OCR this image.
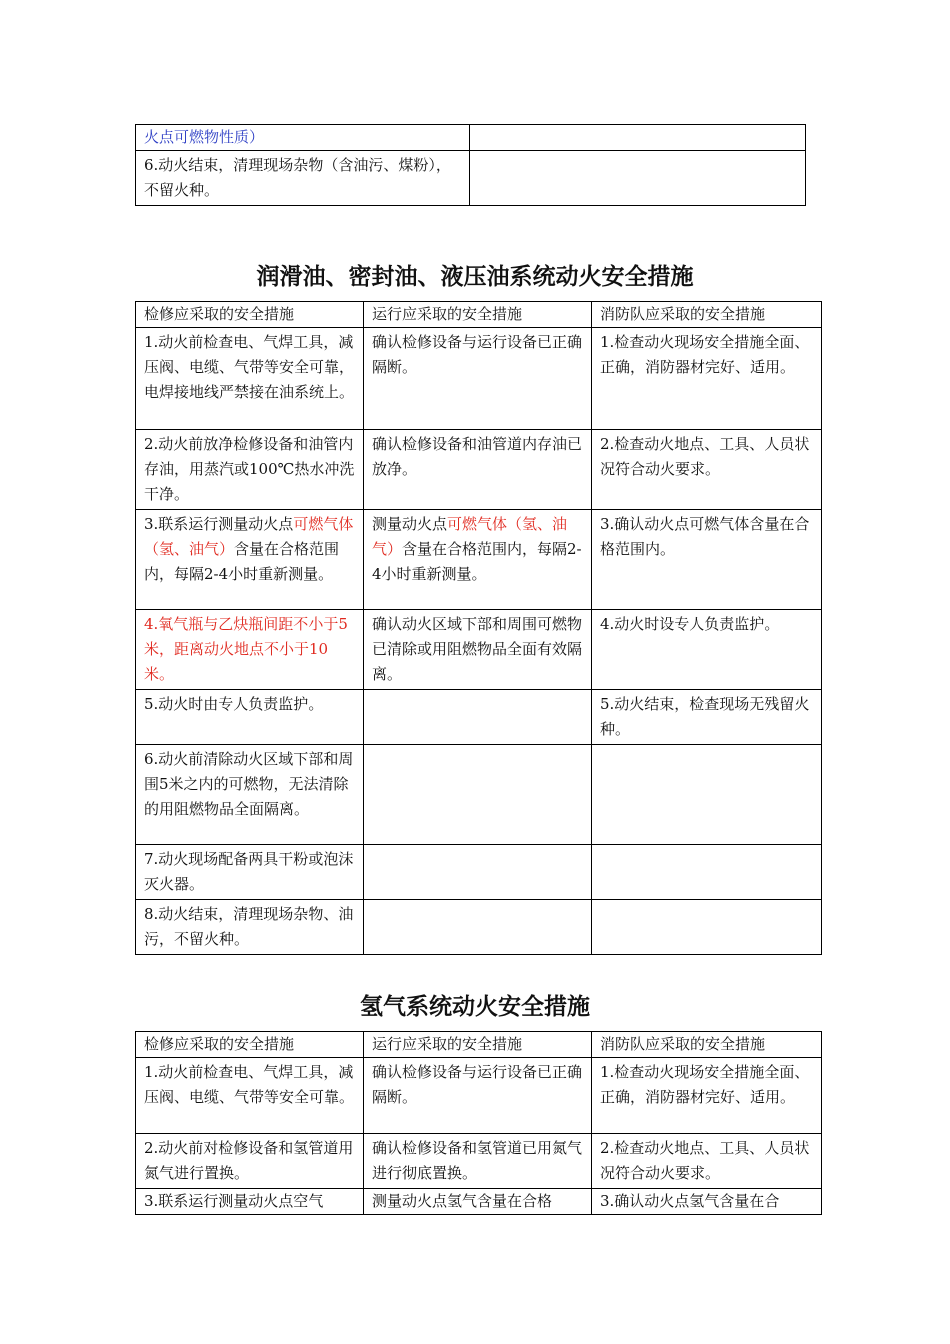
火点可燃物性质）	
6.动火结束，清理现场杂物（含油污、煤粉），不留火种。	
润滑油、密封油、液压油系统动火安全措施
检修应采取的安全措施	运行应采取的安全措施	消防队应采取的安全措施
1.动火前检查电、气焊工具，减压阀、电缆、气带等安全可靠，电焊接地线严禁接在油系统上。	确认检修设备与运行设备已正确隔断。	1.检查动火现场安全措施全面、正确，消防器材完好、适用。
2.动火前放净检修设备和油管内存油，用蒸汽或100℃热水冲洗干净。	确认检修设备和油管道内存油已放净。	2.检查动火地点、工具、人员状况符合动火要求。
3.联系运行测量动火点可燃气体（氢、油气）含量在合格范围内，每隔2-4小时重新测量。	测量动火点可燃气体（氢、油气）含量在合格范围内，每隔2-4小时重新测量。	3.确认动火点可燃气体含量在合格范围内。
4.氧气瓶与乙炔瓶间距不小于5米，距离动火地点不小于10米。	确认动火区域下部和周围可燃物已清除或用阻燃物品全面有效隔离。	4.动火时设专人负责监护。
5.动火时由专人负责监护。		5.动火结束，检查现场无残留火种。
6.动火前清除动火区域下部和周围5米之内的可燃物，无法清除的用阻燃物品全面隔离。		
7.动火现场配备两具干粉或泡沫灭火器。		
8.动火结束，清理现场杂物、油污，不留火种。		
氢气系统动火安全措施
检修应采取的安全措施	运行应采取的安全措施	消防队应采取的安全措施
1.动火前检查电、气焊工具，减压阀、电缆、气带等安全可靠。	确认检修设备与运行设备已正确隔断。	1.检查动火现场安全措施全面、正确，消防器材完好、适用。
2.动火前对检修设备和氢管道用氮气进行置换。	确认检修设备和氢管道已用氮气进行彻底置换。	2.检查动火地点、工具、人员状况符合动火要求。
3.联系运行测量动火点空气	测量动火点氢气含量在合格	3.确认动火点氢气含量在合
